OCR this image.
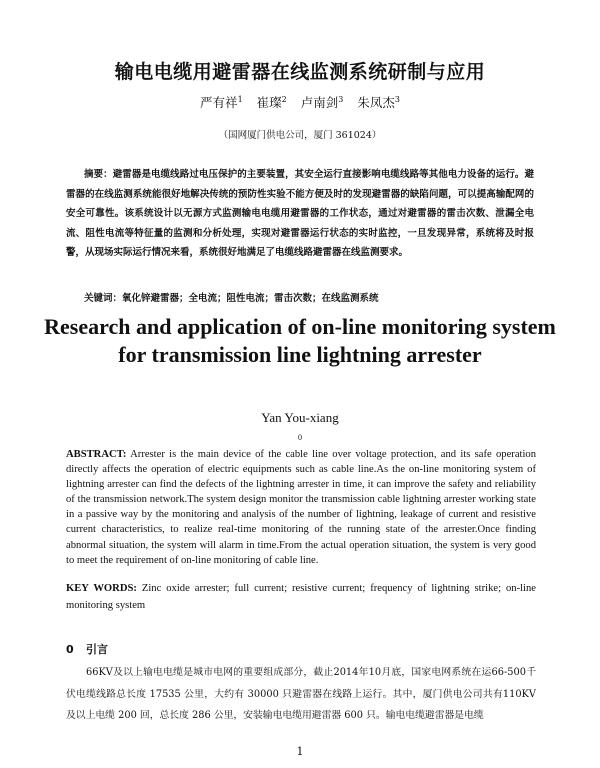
输电电缆用避雷器在线监测系统研制与应用
严有祥$^1$ 崔璨$^2$ 卢南剑$^3$ 朱凤杰$^3$
（国网厦门供电公司，厦门 361024）
摘要：避雷器是电缆线路过电压保护的主要装置，其安全运行直接影响电缆线路等其他电力设备的运行。避雷器的在线监测系统能很好地解决传统的预防性实验不能方便及时的发现避雷器的缺陷问题，可以提高输配网的安全可靠性。该系统设计以无源方式监测输电电缆用避雷器的工作状态，通过对避雷器的雷击次数、泄漏全电流、阻性电流等特征量的监测和分析处理，实现对避雷器运行状态的实时监控，一旦发现异常，系统将及时报警，从现场实际运行情况来看，系统很好地满足了电缆线路避雷器在线监测要求。
关键词：氧化锌避雷器；全电流；阻性电流；雷击次数；在线监测系统
Research and application of on-line monitoring system for transmission line lightning arrester
Yan You-xiang
0
ABSTRACT: Arrester is the main device of the cable line over voltage protection, and its safe operation directly affects the operation of electric equipments such as cable line.As the on-line monitoring system of lightning arrester can find the defects of the lightning arrester in time, it can improve the safety and reliability of the transmission network.The system design monitor the transmission cable lightning arrester working state in a passive way by the monitoring and analysis of the number of lightning, leakage of current and resistive current characteristics, to realize real-time monitoring of the running state of the arrester.Once finding abnormal situation, the system will alarm in time.From the actual operation situation, the system is very good to meet the requirement of on-line monitoring of cable line.
KEY WORDS: Zinc oxide arrester; full current; resistive current; frequency of lightning strike; on-line monitoring system
0 引言
66KV及以上输电电缆是城市电网的重要组成部分，截止2014年10月底，国家电网系统在运66-500千伏电缆线路总长度 17535 公里，大约有 30000 只避雷器在线路上运行。其中，厦门供电公司共有110KV及以上电缆 200 回，总长度 286 公里，安装输电电缆用避雷器 600 只。输电电缆避雷器是电缆
1
